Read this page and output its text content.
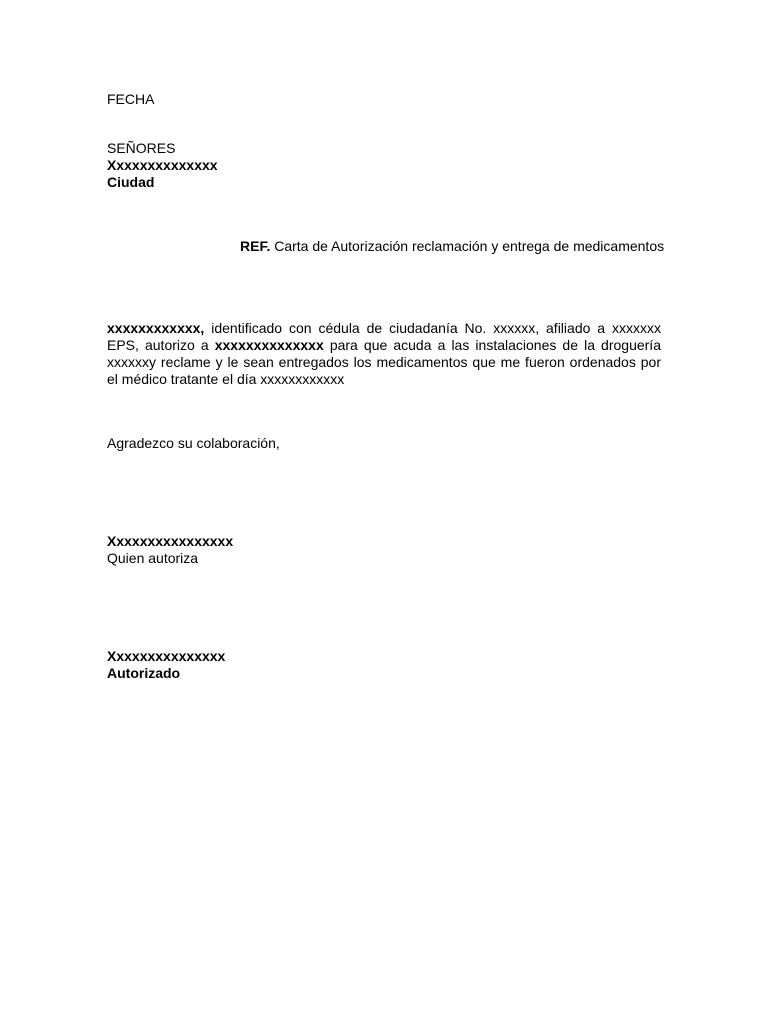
FECHA
SEÑORES
Xxxxxxxxxxxxxx
Ciudad
REF. Carta de Autorización reclamación y entrega de medicamentos
xxxxxxxxxxxx, identificado con cédula de ciudadanía No. xxxxxx, afiliado a xxxxxxx EPS, autorizo a xxxxxxxxxxxxxx para que acuda a las instalaciones de la droguería xxxxxxy reclame y le sean entregados los medicamentos que me fueron ordenados por el médico tratante el día xxxxxxxxxxxx
Agradezco su colaboración,
Xxxxxxxxxxxxxxxx
Quien autoriza
Xxxxxxxxxxxxxxx
Autorizado
